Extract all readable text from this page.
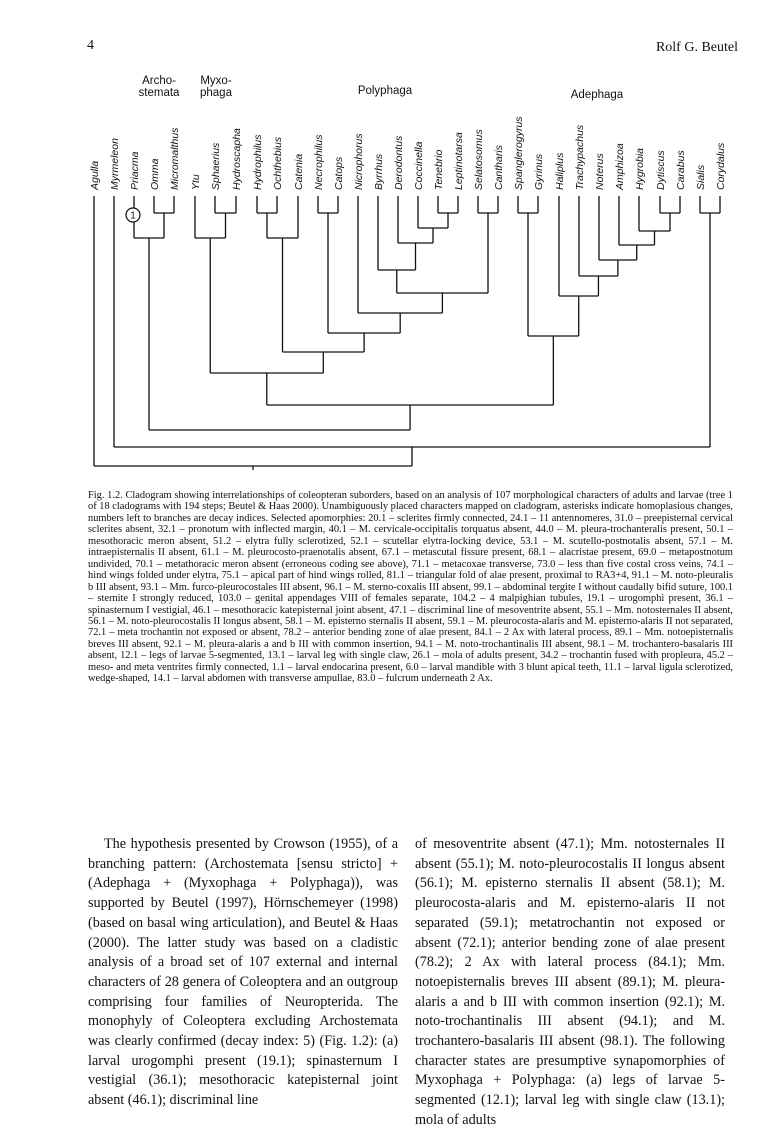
4	Rolf G. Beutel
Agulla Myrmeleon Priacma Omma Micromalthus Ytu Sphaerius Hydroscapha Hydrophilus Ochthebius Catenia Necrophilus Catops Nicrophorus Byrrhus Derodontus Coccinella Tenebrio Leptinotarsa Selatosomus Cantharis Spanglerogyrus Gyrinus Haliplus Trachypachus Noterus Amphizoa Hygrobia Dytiscus Carabus Sialis Corydalus
Archo-stemata
Myxo-phaga	Polyphaga	Adephaga
1
Fig. 1.2. Cladogram showing interrelationships of coleopteran suborders, based on an analysis of 107 morphological characters of adults and larvae (tree 1 of 18 cladograms with 194 steps; Beutel & Haas 2000). Unambiguously placed characters mapped on cladogram, asterisks indicate homoplasious changes, numbers left to branches are decay indices. Selected apomorphies: 20.1 – sclerites firmly connected, 24.1 – 11 antennomeres, 31.0 – preepisternal cervical sclerites absent, 32.1 – pronotum with inflected margin, 40.1 – M. cervicale-occipitalis torquatus absent, 44.0 – M. pleura-trochanteralis present, 50.1 – mesothoracic meron absent, 51.2 – elytra fully sclerotized, 52.1 – scutellar elytra-locking device, 53.1 – M. scutello-postnotalis absent, 57.1 – M. intraepisternalis II absent, 61.1 – M. pleurocosto-praenotalis absent, 67.1 – metascutal fissure present, 68.1 – alacristae present, 69.0 – metapostnotum undivided, 70.1 – metathoracic meron absent (erroneous coding see above), 71.1 – metacoxae transverse, 73.0 – less than five costal cross veins, 74.1 – hind wings folded under elytra, 75.1 – apical part of hind wings rolled, 81.1 – triangular fold of alae present, proximal to RA3+4, 91.1 – M. noto-pleuralis b III absent, 93.1 – Mm. furco-pleurocostales III absent, 96.1 – M. sterno-coxalis III absent, 99.1 – abdominal tergite I without caudally bifid suture, 100.1 – sternite I strongly reduced, 103.0 – genital appendages VIII of females separate, 104.2 – 4 malpighian tubules, 19.1 – urogomphi present, 36.1 – spinasternum I vestigial, 46.1 – mesothoracic katepisternal joint absent, 47.1 – discriminal line of mesoventrite absent, 55.1 – Mm. notosternales II absent, 56.1 – M. noto-pleurocostalis II longus absent, 58.1 – M. episterno sternalis II absent, 59.1 – M. pleurocosta-alaris and M. episterno-alaris II not separated, 72.1 – meta trochantin not exposed or absent, 78.2 – anterior bending zone of alae present, 84.1 – 2 Ax with lateral process, 89.1 – Mm. notoepisternalis breves III absent, 92.1 – M. pleura-alaris a and b III with common insertion, 94.1 – M. noto-trochantinalis III absent, 98.1 – M. trochantero-basalaris III absent, 12.1 – legs of larvae 5-segmented, 13.1 – larval leg with single claw, 26.1 – mola of adults present, 34.2 – trochantin fused with propleura, 45.2 – meso- and meta ventrites firmly connected, 1.1 – larval endocarina present, 6.0 – larval mandible with 3 blunt apical teeth, 11.1 – larval ligula sclerotized, wedge-shaped, 14.1 – larval abdomen with transverse ampullae, 83.0 – fulcrum underneath 2 Ax.

The hypothesis presented by Crowson (1955), of a branching pattern: (Archostemata [sensu stricto] + (Adephaga + (Myxophaga + Polyphaga)), was supported by Beutel (1997), Hörnschemeyer (1998) (based on basal wing articulation), and Beutel & Haas (2000). The latter study was based on a cladistic analysis of a broad set of 107 external and internal characters of 28 genera of Coleoptera and an outgroup comprising four families of Neuropterida. The monophyly of Coleoptera excluding Archostemata was clearly confirmed (decay index: 5) (Fig. 1.2): (a) larval urogomphi present (19.1); spinasternum I vestigial (36.1); mesothoracic katepisternal joint absent (46.1); discriminal line

of mesoventrite absent (47.1); Mm. notosternales II absent (55.1); M. noto-pleurocostalis II longus absent (56.1); M. episterno sternalis II absent (58.1); M. pleurocosta-alaris and M. episterno-alaris II not separated (59.1); metatrochantin not exposed or absent (72.1); anterior bending zone of alae present (78.2); 2 Ax with lateral process (84.1); Mm. notoepisternalis breves III absent (89.1); M. pleura-alaris a and b III with common insertion (92.1); M. noto-trochantinalis III absent (94.1); and M. trochantero-basalaris III absent (98.1). The following character states are presumptive synapomorphies of Myxophaga + Polyphaga: (a) legs of larvae 5-segmented (12.1); larval leg with single claw (13.1); mola of adults
